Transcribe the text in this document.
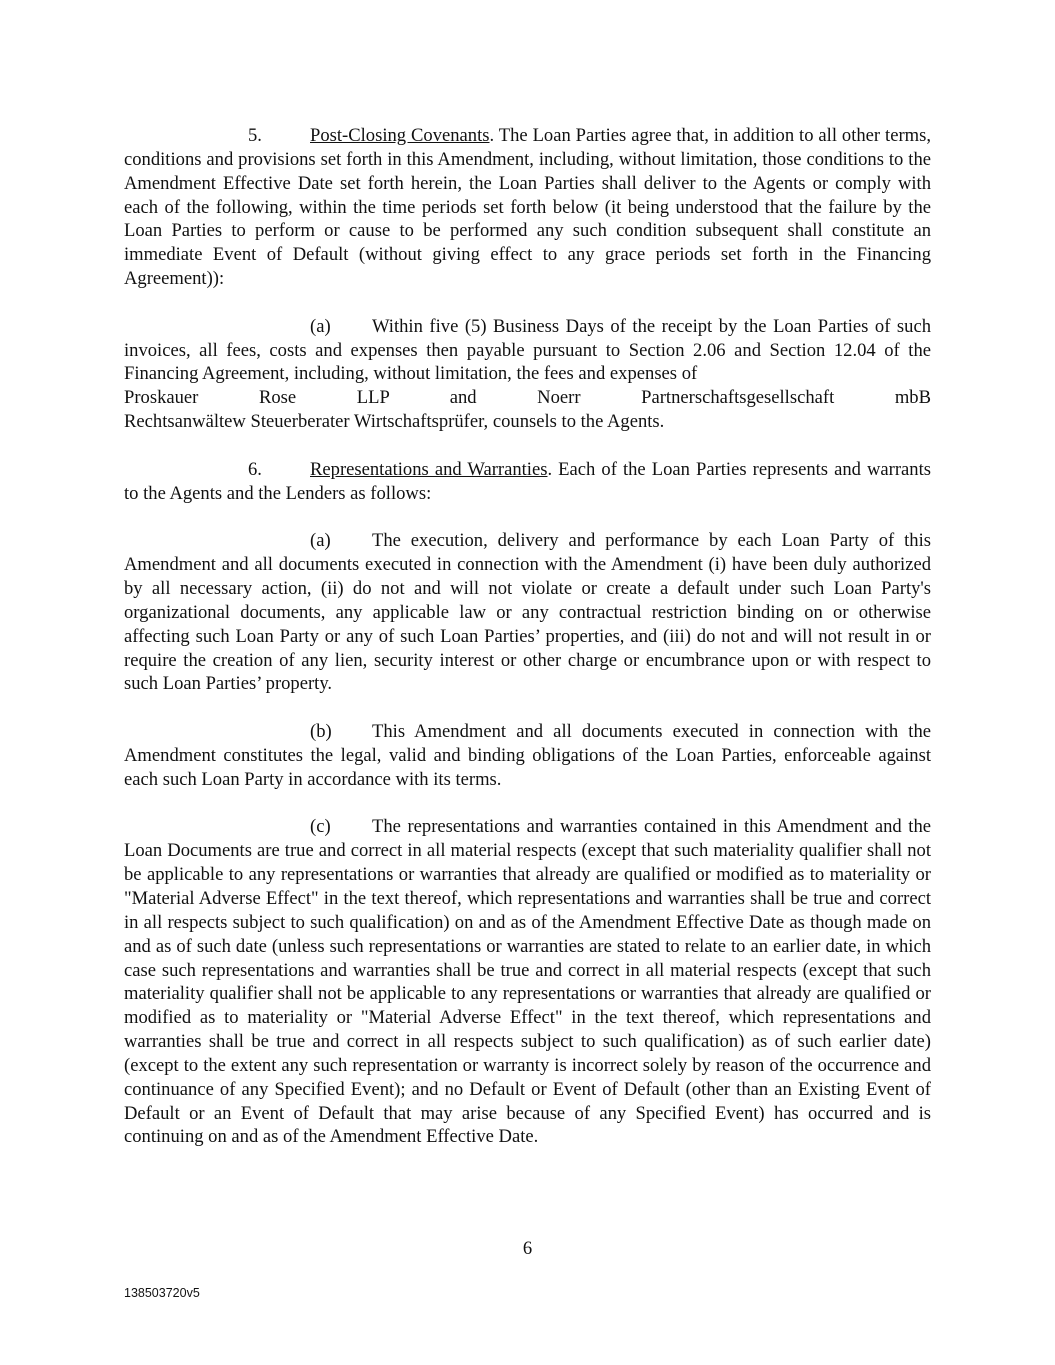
5.	Post-Closing Covenants. The Loan Parties agree that, in addition to all other terms, conditions and provisions set forth in this Amendment, including, without limitation, those conditions to the Amendment Effective Date set forth herein, the Loan Parties shall deliver to the Agents or comply with each of the following, within the time periods set forth below (it being understood that the failure by the Loan Parties to perform or cause to be performed any such condition subsequent shall constitute an immediate Event of Default (without giving effect to any grace periods set forth in the Financing Agreement)):

(a) Within five (5) Business Days of the receipt by the Loan Parties of such invoices, all fees, costs and expenses then payable pursuant to Section 2.06 and Section 12.04 of the Financing Agreement, including, without limitation, the fees and expenses of
Proskauer Rose LLP and Noerr Partnerschaftsgesellschaft mbB
Rechtsanwältew Steuerberater Wirtschaftsprüfer, counsels to the Agents.

6.	Representations and Warranties. Each of the Loan Parties represents and warrants to the Agents and the Lenders as follows:

(a) The execution, delivery and performance by each Loan Party of this Amendment and all documents executed in connection with the Amendment (i) have been duly authorized by all necessary action, (ii) do not and will not violate or create a default under such Loan Party's organizational documents, any applicable law or any contractual restriction binding on or otherwise affecting such Loan Party or any of such Loan Parties’ properties, and (iii) do not and will not result in or require the creation of any lien, security interest or other charge or encumbrance upon or with respect to such Loan Parties’ property.

(b) This Amendment and all documents executed in connection with the Amendment constitutes the legal, valid and binding obligations of the Loan Parties, enforceable against each such Loan Party in accordance with its terms.

(c) The representations and warranties contained in this Amendment and the Loan Documents are true and correct in all material respects (except that such materiality qualifier shall not be applicable to any representations or warranties that already are qualified or modified as to materiality or "Material Adverse Effect" in the text thereof, which representations and warranties shall be true and correct in all respects subject to such qualification) on and as of the Amendment Effective Date as though made on and as of such date (unless such representations or warranties are stated to relate to an earlier date, in which case such representations and warranties shall be true and correct in all material respects (except that such materiality qualifier shall not be applicable to any representations or warranties that already are qualified or modified as to materiality or "Material Adverse Effect" in the text thereof, which representations and warranties shall be true and correct in all respects subject to such qualification) as of such earlier date) (except to the extent any such representation or warranty is incorrect solely by reason of the occurrence and continuance of any Specified Event); and no Default or Event of Default (other than an Existing Event of Default or an Event of Default that may arise because of any Specified Event) has occurred and is continuing on and as of the Amendment Effective Date.

6
138503720v5
